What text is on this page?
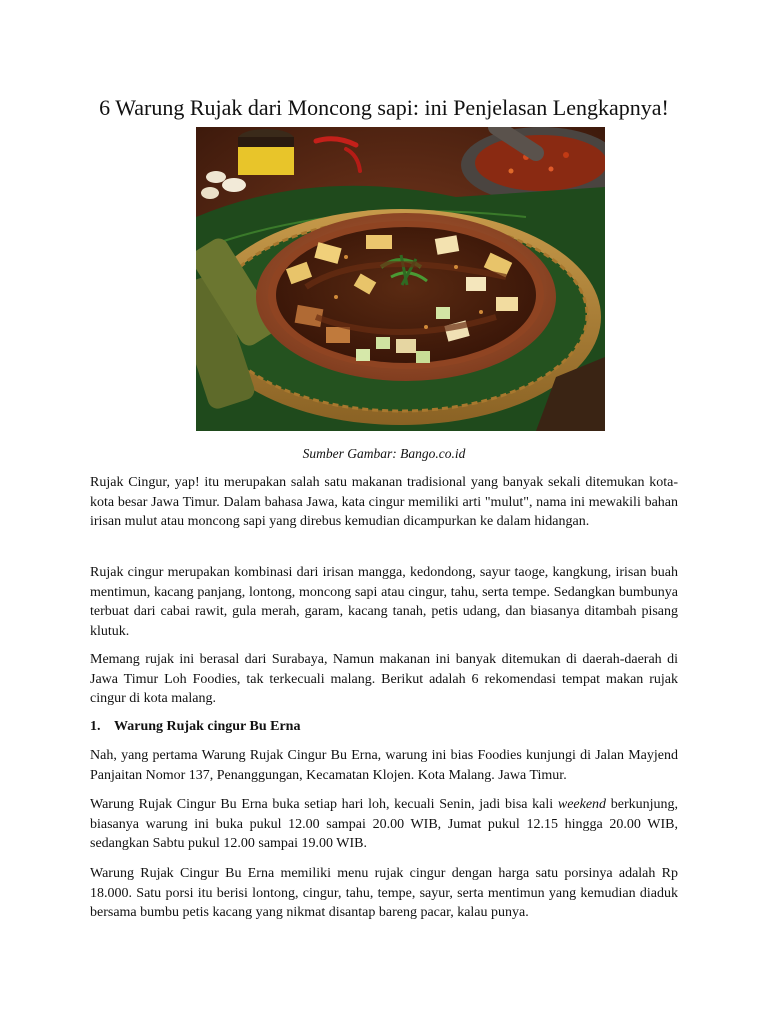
6 Warung Rujak dari Moncong sapi: ini Penjelasan Lengkapnya!
Sumber Gambar: Bango.co.id

Rujak Cingur, yap! itu merupakan salah satu makanan tradisional yang banyak sekali ditemukan kota-kota besar Jawa Timur. Dalam bahasa Jawa, kata cingur memiliki arti "mulut", nama ini mewakili bahan irisan mulut atau moncong sapi yang direbus kemudian dicampurkan ke dalam hidangan.

Rujak cingur merupakan kombinasi dari irisan mangga, kedondong, sayur taoge, kangkung, irisan buah mentimun, kacang panjang, lontong, moncong sapi atau cingur, tahu, serta tempe. Sedangkan bumbunya terbuat dari cabai rawit, gula merah, garam, kacang tanah, petis udang, dan biasanya ditambah pisang klutuk.

Memang rujak ini berasal dari Surabaya, Namun makanan ini banyak ditemukan di daerah-daerah di Jawa Timur Loh Foodies, tak terkecuali malang. Berikut adalah 6 rekomendasi tempat makan rujak cingur di kota malang.

1. Warung Rujak cingur Bu Erna

Nah, yang pertama Warung Rujak Cingur Bu Erna, warung ini bias Foodies kunjungi di Jalan Mayjend Panjaitan Nomor 137, Penanggungan, Kecamatan Klojen. Kota Malang. Jawa Timur.

Warung Rujak Cingur Bu Erna buka setiap hari loh, kecuali Senin, jadi bisa kali weekend berkunjung, biasanya warung ini buka pukul 12.00 sampai 20.00 WIB, Jumat pukul 12.15 hingga 20.00 WIB, sedangkan Sabtu pukul 12.00 sampai 19.00 WIB.

Warung Rujak Cingur Bu Erna memiliki menu rujak cingur dengan harga satu porsinya adalah Rp 18.000. Satu porsi itu berisi lontong, cingur, tahu, tempe, sayur, serta mentimun yang kemudian diaduk bersama bumbu petis kacang yang nikmat disantap bareng pacar, kalau punya.
